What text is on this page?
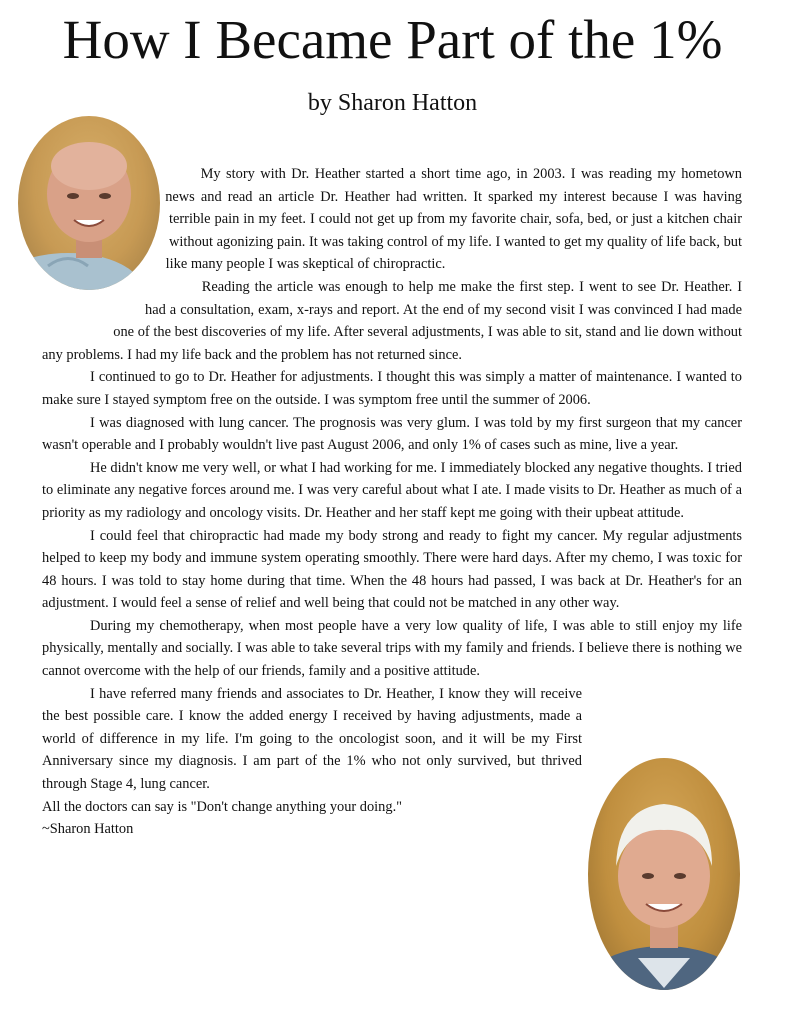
How I Became Part of the 1%
by Sharon Hatton

My story with Dr. Heather started a short time ago, in 2003. I was reading my hometown news and read an article Dr. Heather had written. It sparked my interest because I was having terrible pain in my feet. I could not get up from my favorite chair, sofa, bed, or just a kitchen chair without agonizing pain. It was taking control of my life. I wanted to get my quality of life back, but like many people I was skeptical of chiropractic.

Reading the article was enough to help me make the first step. I went to see Dr. Heather. I had a consultation, exam, x-rays and report. At the end of my second visit I was convinced I had made one of the best discoveries of my life. After several adjustments, I was able to sit, stand and lie down without any problems. I had my life back and the problem has not returned since.

I continued to go to Dr. Heather for adjustments. I thought this was simply a matter of maintenance. I wanted to make sure I stayed symptom free on the outside. I was symptom free until the summer of 2006.

I was diagnosed with lung cancer. The prognosis was very glum. I was told by my first surgeon that my cancer wasn't operable and I probably wouldn't live past August 2006, and only 1% of cases such as mine, live a year.

He didn't know me very well, or what I had working for me. I immediately blocked any negative thoughts. I tried to eliminate any negative forces around me. I was very careful about what I ate. I made visits to Dr. Heather as much of a priority as my radiology and oncology visits. Dr. Heather and her staff kept me going with their upbeat attitude.

I could feel that chiropractic had made my body strong and ready to fight my cancer. My regular adjustments helped to keep my body and immune system operating smoothly. There were hard days. After my chemo, I was toxic for 48 hours. I was told to stay home during that time. When the 48 hours had passed, I was back at Dr. Heather's for an adjustment. I would feel a sense of relief and well being that could not be matched in any other way.

During my chemotherapy, when most people have a very low quality of life, I was able to still enjoy my life physically, mentally and socially. I was able to take several trips with my family and friends. I believe there is nothing we cannot overcome with the help of our friends, family and a positive attitude.

I have referred many friends and associates to Dr. Heather, I know they will receive the best possible care. I know the added energy I received by having adjustments, made a world of difference in my life. I'm going to the oncologist soon, and it will be my First Anniversary since my diagnosis. I am part of the 1% who not only survived, but thrived through Stage 4, lung cancer.

All the doctors can say is "Don't change anything your doing."

~Sharon Hatton
